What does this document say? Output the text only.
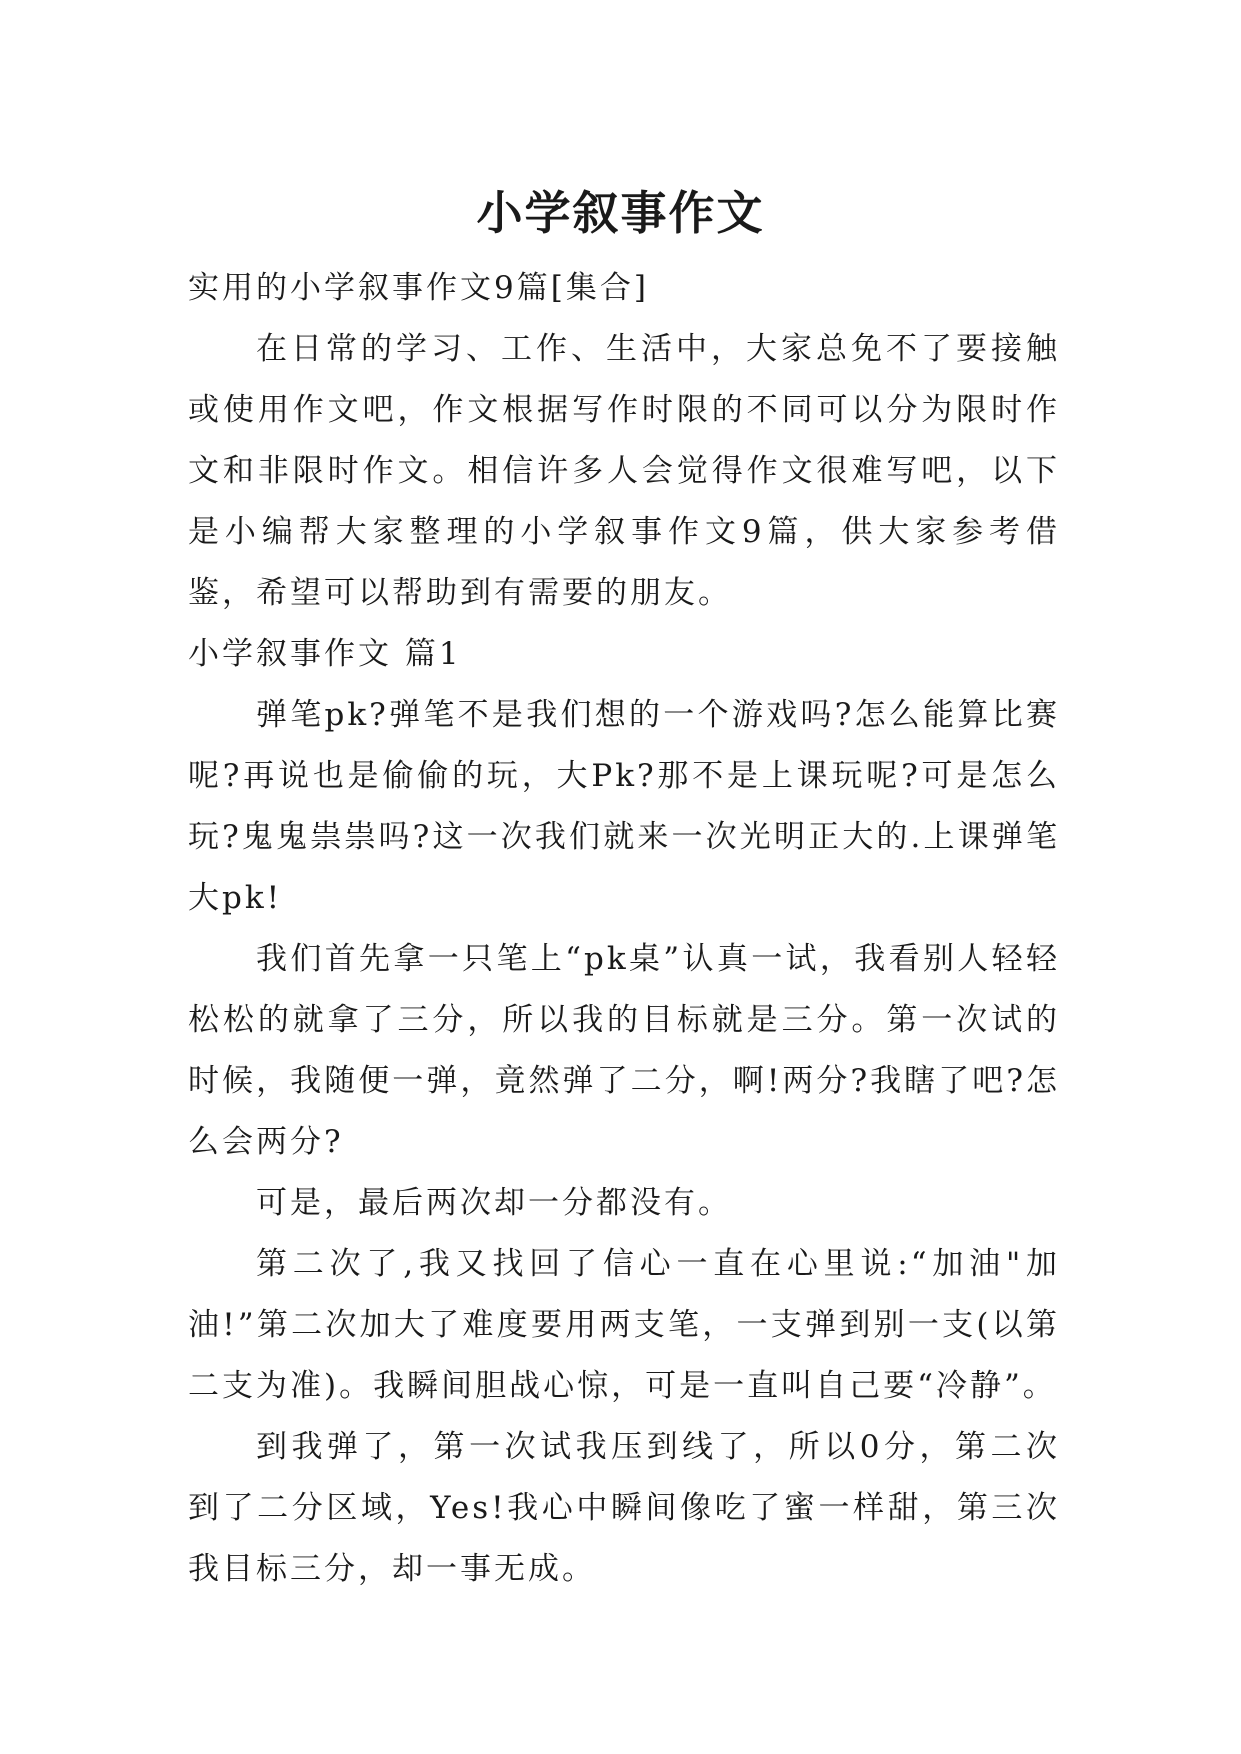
小学叙事作文

实用的小学叙事作文9篇[集合]

在日常的学习、工作、生活中，大家总免不了要接触或使用作文吧，作文根据写作时限的不同可以分为限时作文和非限时作文。相信许多人会觉得作文很难写吧，以下是小编帮大家整理的小学叙事作文9篇，供大家参考借鉴，希望可以帮助到有需要的朋友。

小学叙事作文 篇1

弹笔pk?弹笔不是我们想的一个游戏吗?怎么能算比赛呢?再说也是偷偷的玩，大Pk?那不是上课玩呢?可是怎么玩?鬼鬼祟祟吗?这一次我们就来一次光明正大的.上课弹笔大pk!

我们首先拿一只笔上“pk桌”认真一试，我看别人轻轻松松的就拿了三分，所以我的目标就是三分。第一次试的时候，我随便一弹，竟然弹了二分，啊!两分?我瞎了吧?怎么会两分?

可是，最后两次却一分都没有。

第二次了,我又找回了信心一直在心里说:“加油"加油!”第二次加大了难度要用两支笔，一支弹到别一支(以第二支为准)。我瞬间胆战心惊，可是一直叫自己要“冷静”。

到我弹了，第一次试我压到线了，所以0分，第二次到了二分区域，Yes!我心中瞬间像吃了蜜一样甜，第三次我目标三分，却一事无成。
